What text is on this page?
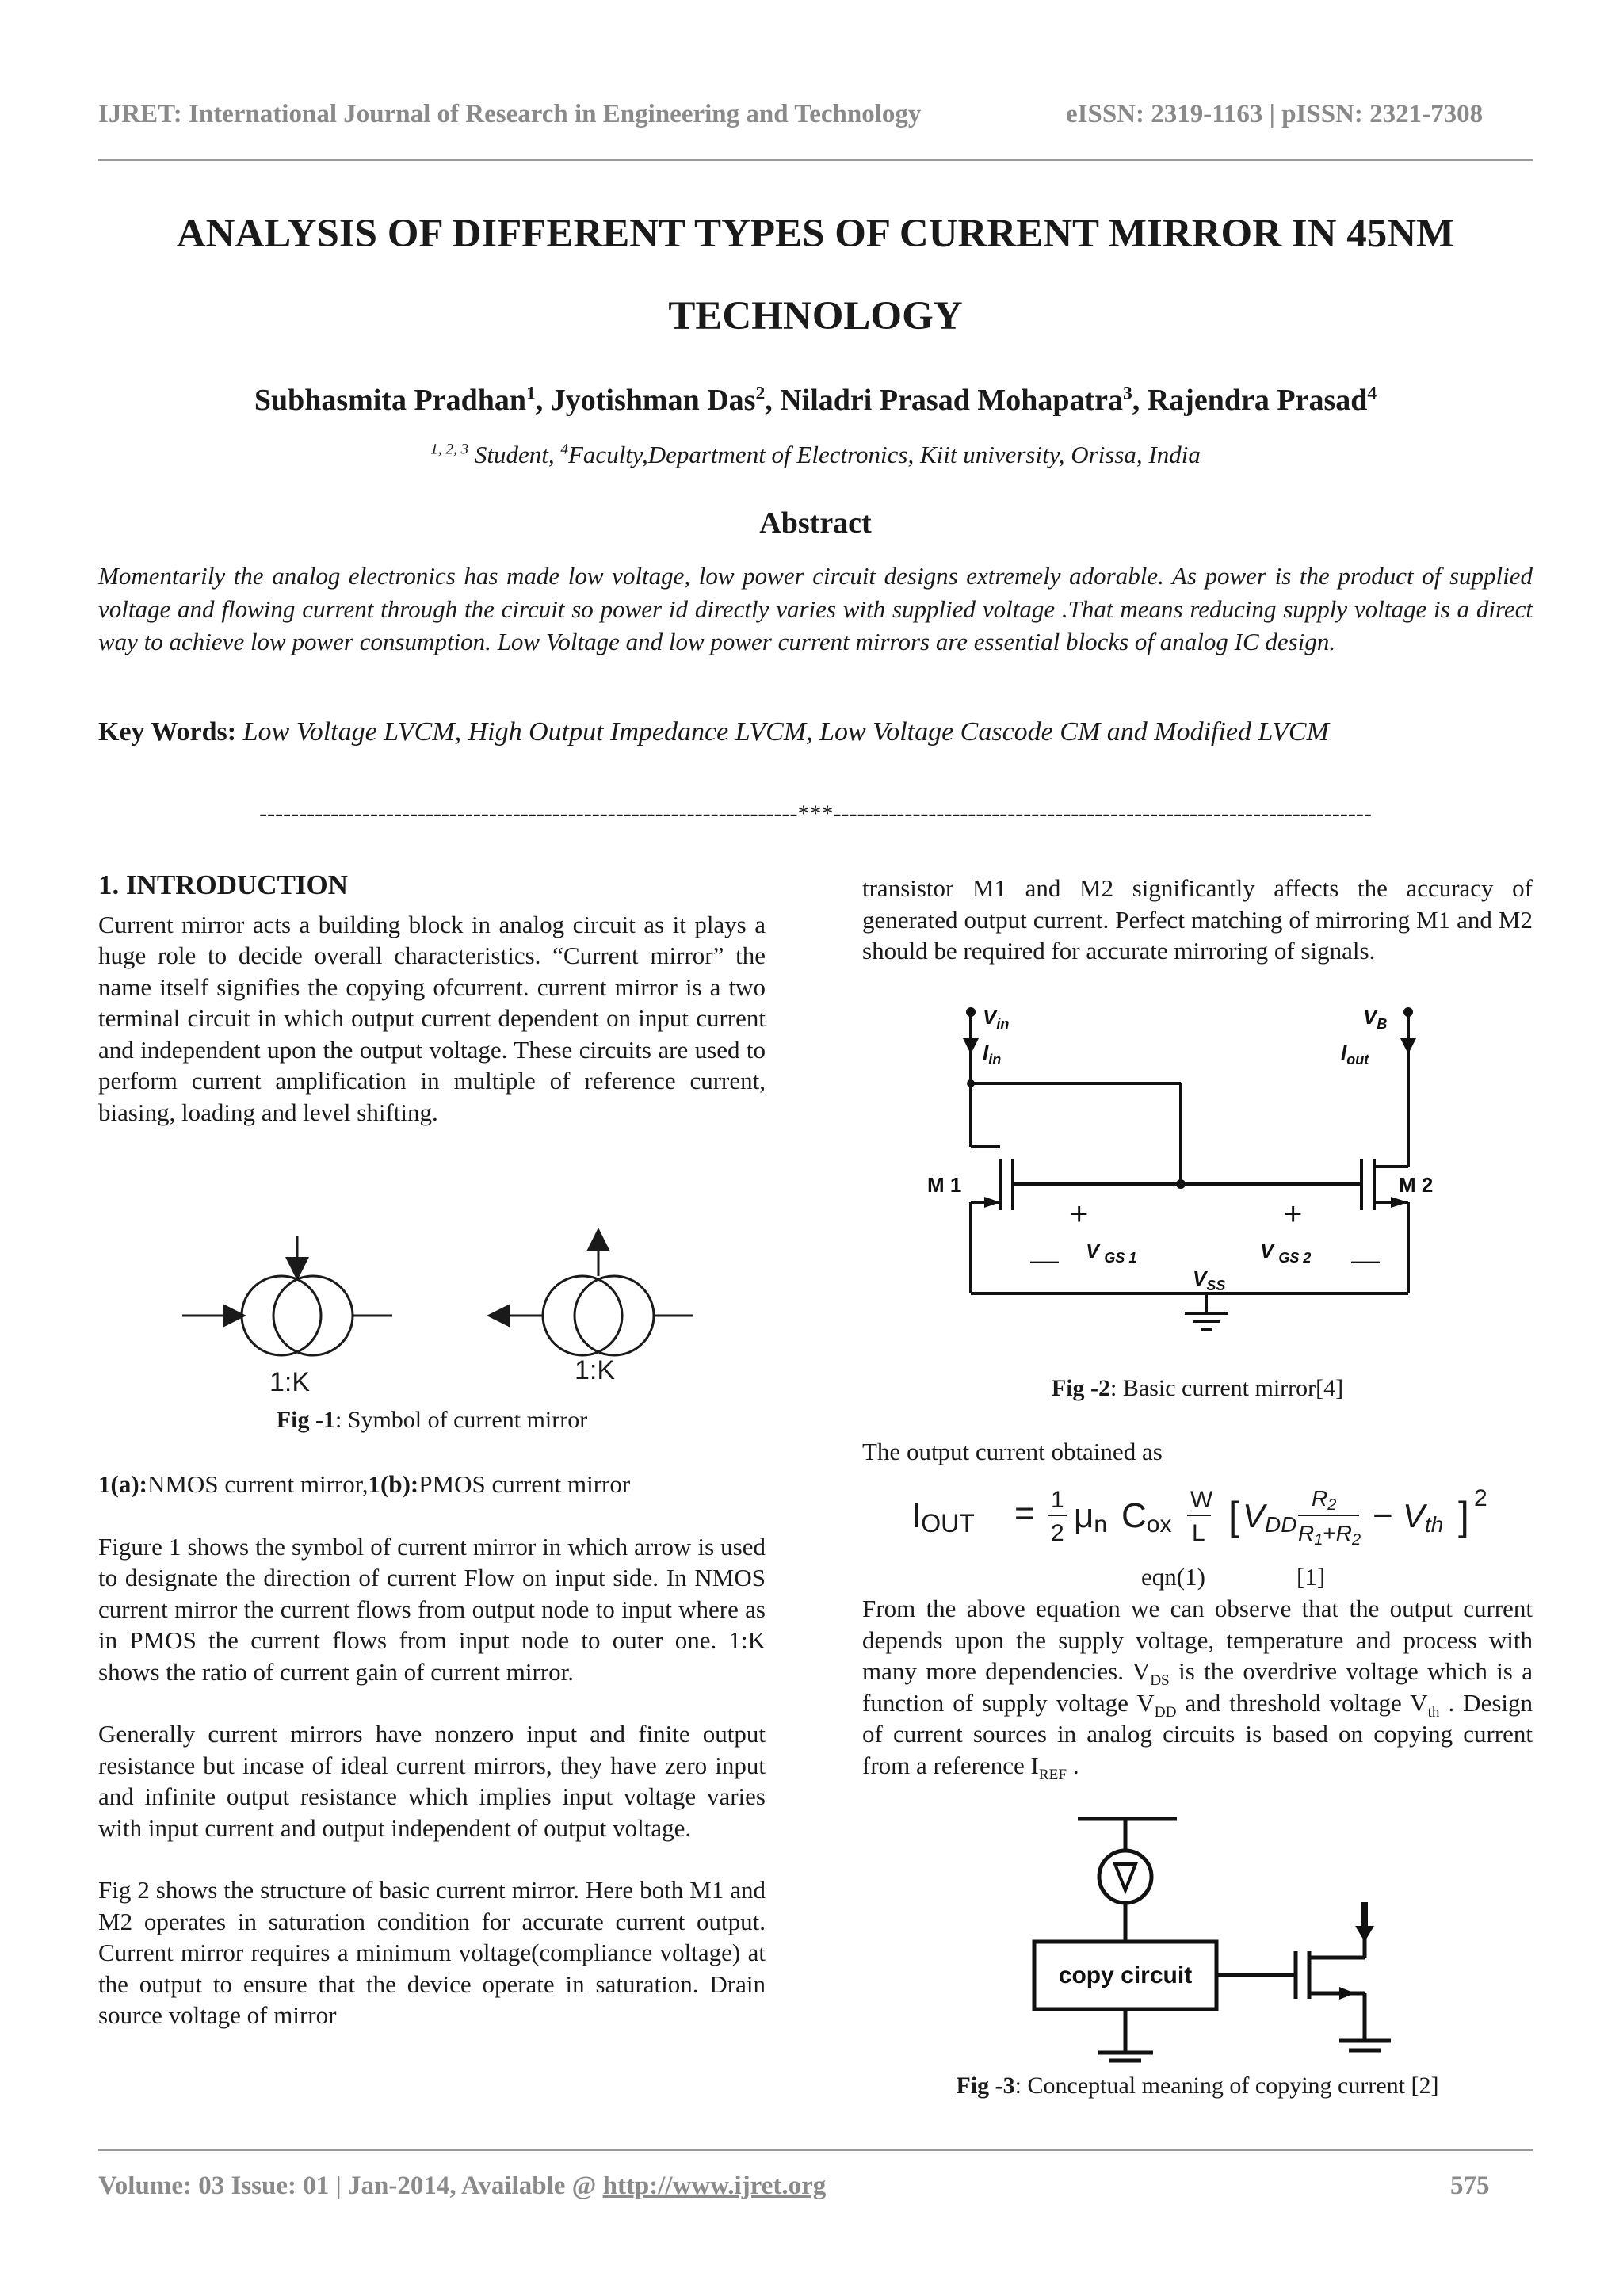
IJRET: International Journal of Research in Engineering and Technology	eISSN: 2319-1163 | pISSN: 2321-7308
ANALYSIS OF DIFFERENT TYPES OF CURRENT MIRROR IN 45NM TECHNOLOGY
Subhasmita Pradhan$^1$, Jyotishman Das$^2$, Niladri Prasad Mohapatra$^3$, Rajendra Prasad$^4$
$^{1, 2, 3}$ Student, $^4$Faculty,Department of Electronics, Kiit university, Orissa, India
Abstract
Momentarily the analog electronics has made low voltage, low power circuit designs extremely adorable. As power is the product of supplied voltage and flowing current through the circuit so power id directly varies with supplied voltage .That means reducing supply voltage is a direct way to achieve low power consumption. Low Voltage and low power current mirrors are essential blocks of analog IC design.
Key Words: Low Voltage LVCM, High Output Impedance LVCM, Low Voltage Cascode CM and Modified LVCM
--------------------------------------------------------------------***--------------------------------------------------------------------
1. INTRODUCTION

Current mirror acts a building block in analog circuit as it plays a huge role to decide overall characteristics. “Current mirror” the name itself signifies the copying ofcurrent. current mirror is a two terminal circuit in which output current dependent on input current and independent upon the output voltage. These circuits are used to perform current amplification in multiple of reference current, biasing, loading and level shifting.

1:K	1:K
Fig -1: Symbol of current mirror

1(a):NMOS current mirror,1(b):PMOS current mirror

Figure 1 shows the symbol of current mirror in which arrow is used to designate the direction of current Flow on input side. In NMOS current mirror the current flows from output node to input where as in PMOS the current flows from input node to outer one. 1:K shows the ratio of current gain of current mirror.

Generally current mirrors have nonzero input and finite output resistance but incase of ideal current mirrors, they have zero input and infinite output resistance which implies input voltage varies with input current and output independent of output voltage.

Fig 2 shows the structure of basic current mirror. Here both M1 and M2 operates in saturation condition for accurate current output. Current mirror requires a minimum voltage(compliance voltage) at the output to ensure that the device operate in saturation. Drain source voltage of mirror

transistor M1 and M2 significantly affects the accuracy of generated output current. Perfect matching of mirroring M1 and M2 should be required for accurate mirroring of signals.

$V_{in}$
$I_{in}$
$V_B$
$I_{out}$
M 1	M 2
+	+
—	—
V $_{GS 1}$	V $_{GS 2}$
$V_{SS}$
Fig -2: Basic current mirror[4]
The output current obtained as
IOUT = 1
2 μn Cox
W
L [ VDD
R2
R1+R2
− Vth ] 2
eqn(1)	[1]

From the above equation we can observe that the output current depends upon the supply voltage, temperature and process with many more dependencies. $V_{DS}$ is the overdrive voltage which is a function of supply voltage $V_{DD}$ and threshold voltage $V_{th}$ . Design of current sources in analog circuits is based on copying current from a reference $I_{REF}$ .

copy circuit
Fig -3: Conceptual meaning of copying current [2]
Volume: 03 Issue: 01 | Jan-2014, Available @ http://www.ijret.org	575
